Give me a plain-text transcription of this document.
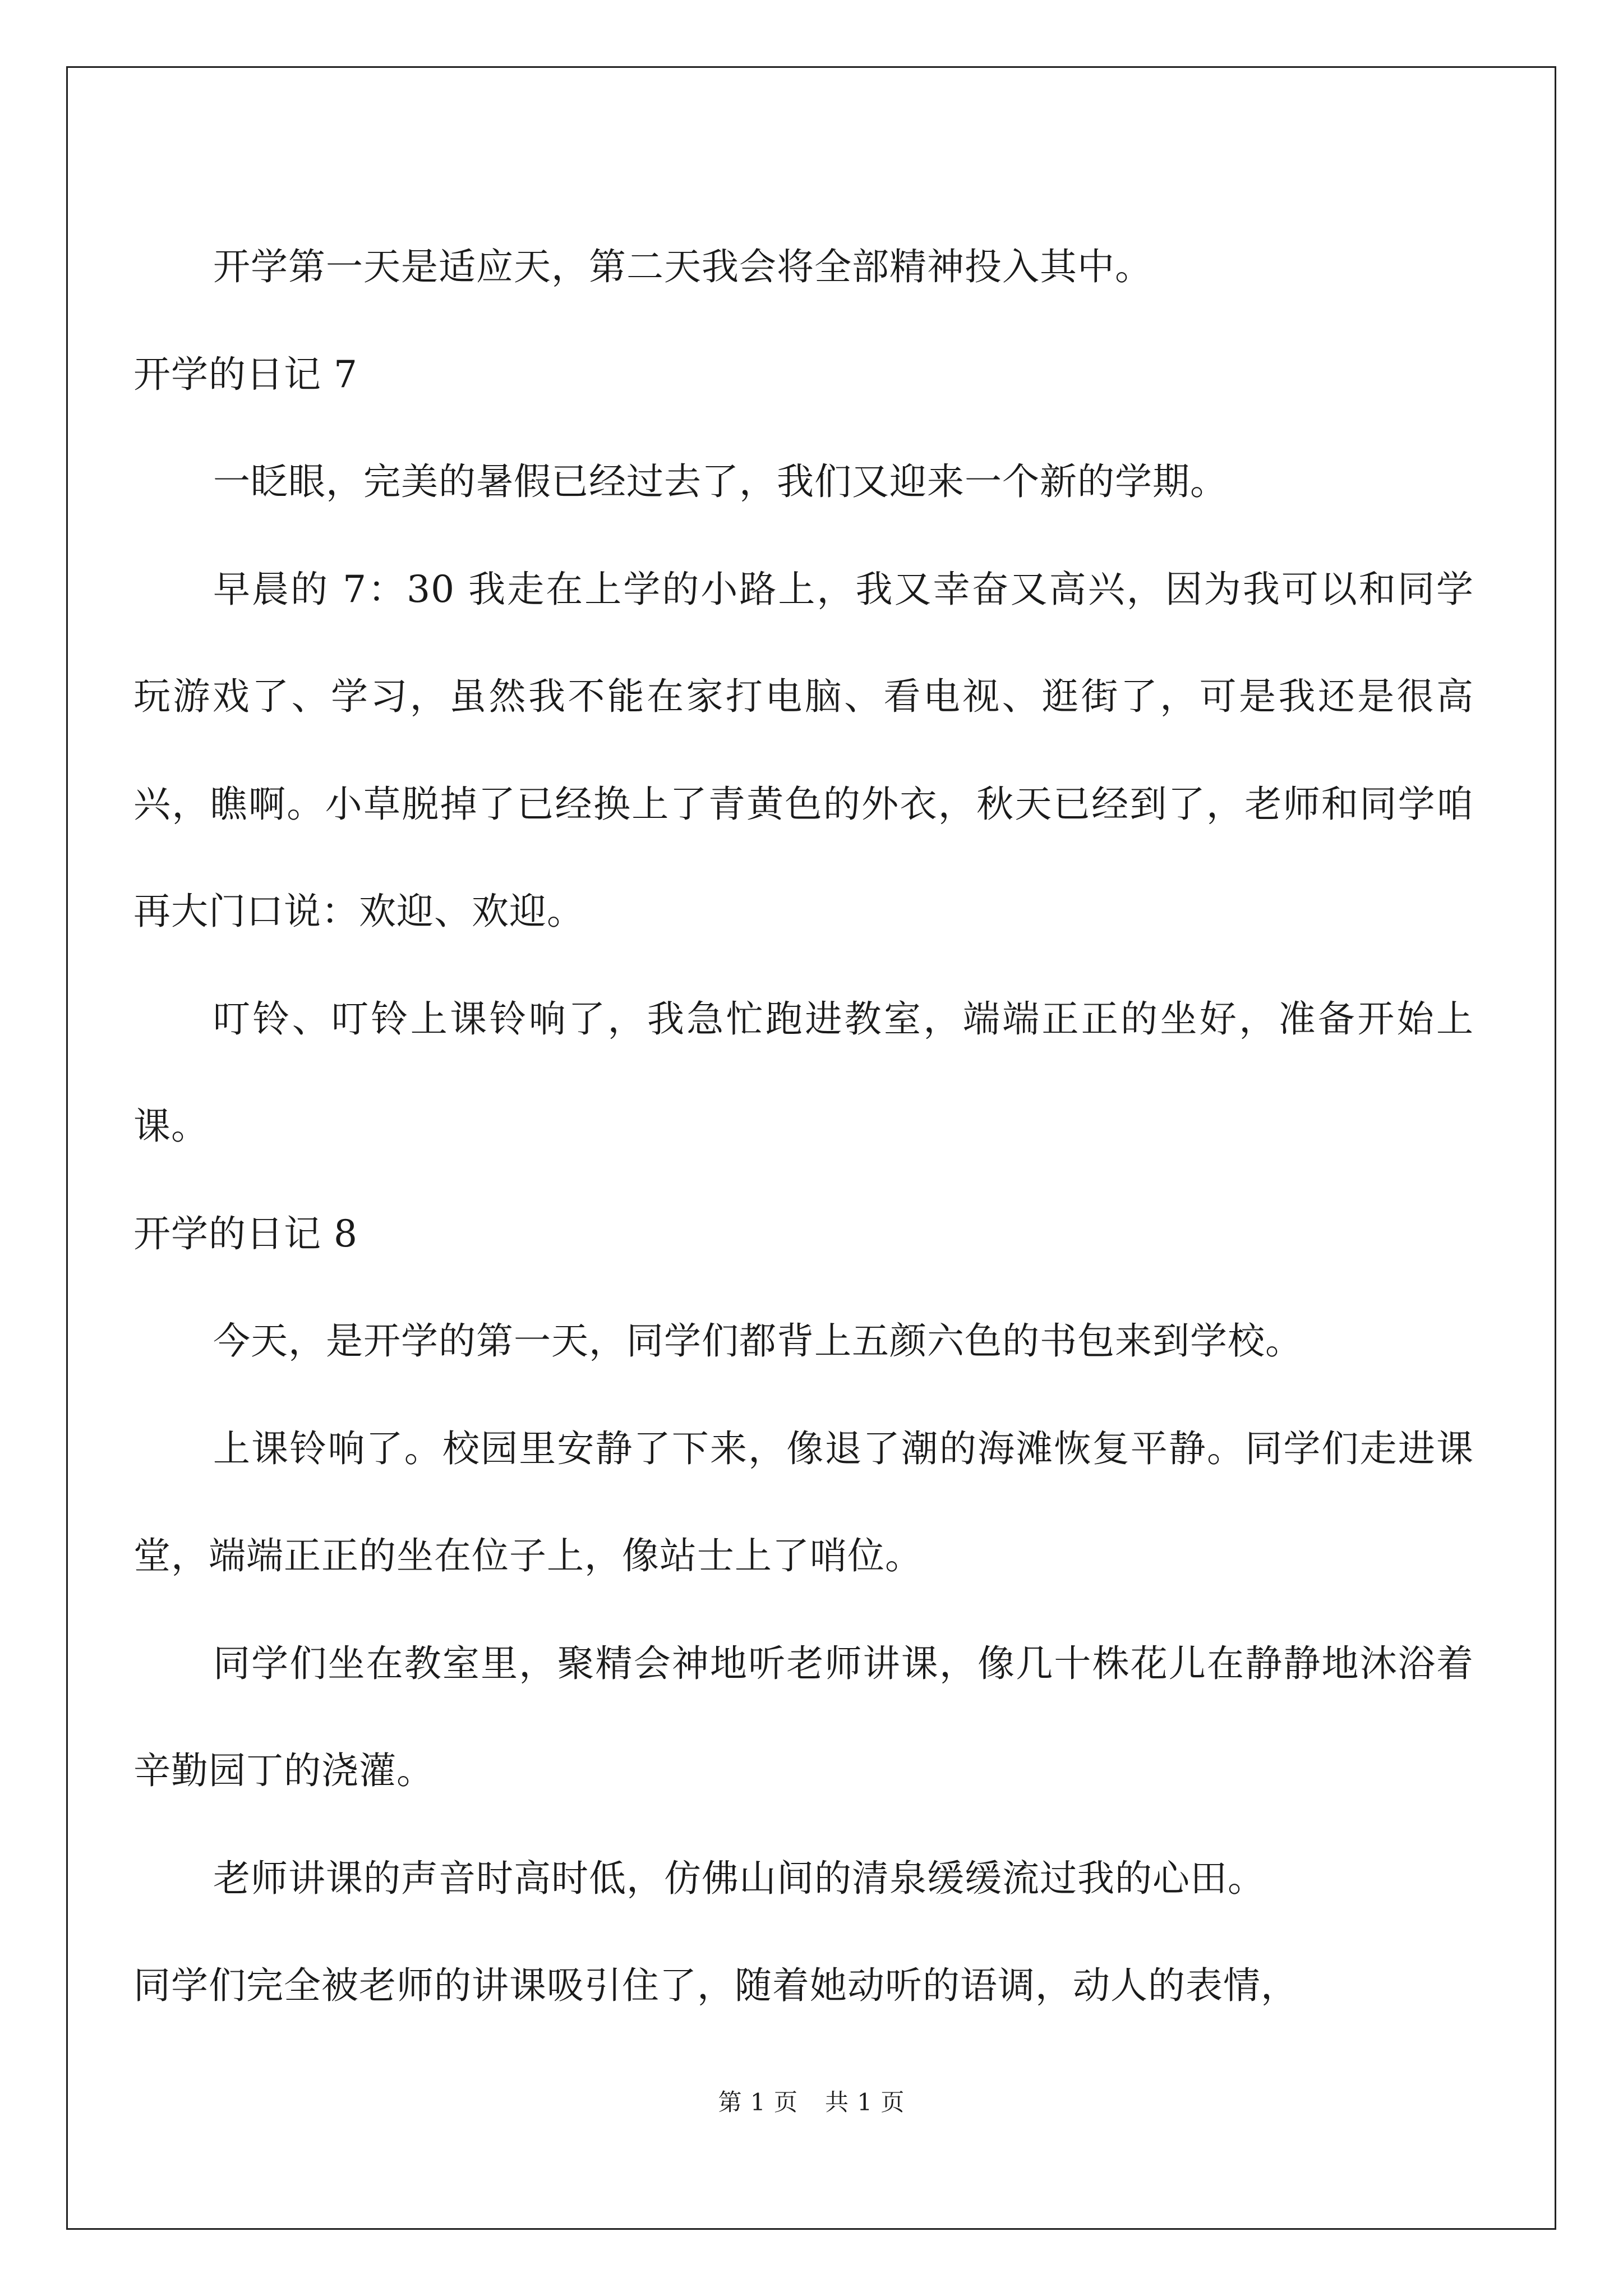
开学第一天是适应天，第二天我会将全部精神投入其中。

开学的日记 7

一眨眼，完美的暑假已经过去了，我们又迎来一个新的学期。

早晨的 7：30 我走在上学的小路上，我又幸奋又高兴，因为我可以和同学玩游戏了、学习，虽然我不能在家打电脑、看电视、逛街了，可是我还是很高兴，瞧啊。小草脱掉了已经换上了青黄色的外衣，秋天已经到了，老师和同学咱再大门口说：欢迎、欢迎。

叮铃、叮铃上课铃响了，我急忙跑进教室，端端正正的坐好，准备开始上课。

开学的日记 8

今天，是开学的第一天，同学们都背上五颜六色的书包来到学校。

上课铃响了。校园里安静了下来，像退了潮的海滩恢复平静。同学们走进课堂，端端正正的坐在位子上，像站士上了哨位。

同学们坐在教室里，聚精会神地听老师讲课，像几十株花儿在静静地沐浴着辛勤园丁的浇灌。

老师讲课的声音时高时低，仿佛山间的清泉缓缓流过我的心田。

同学们完全被老师的讲课吸引住了，随着她动听的语调，动人的表情，

第 1 页 共 1 页
